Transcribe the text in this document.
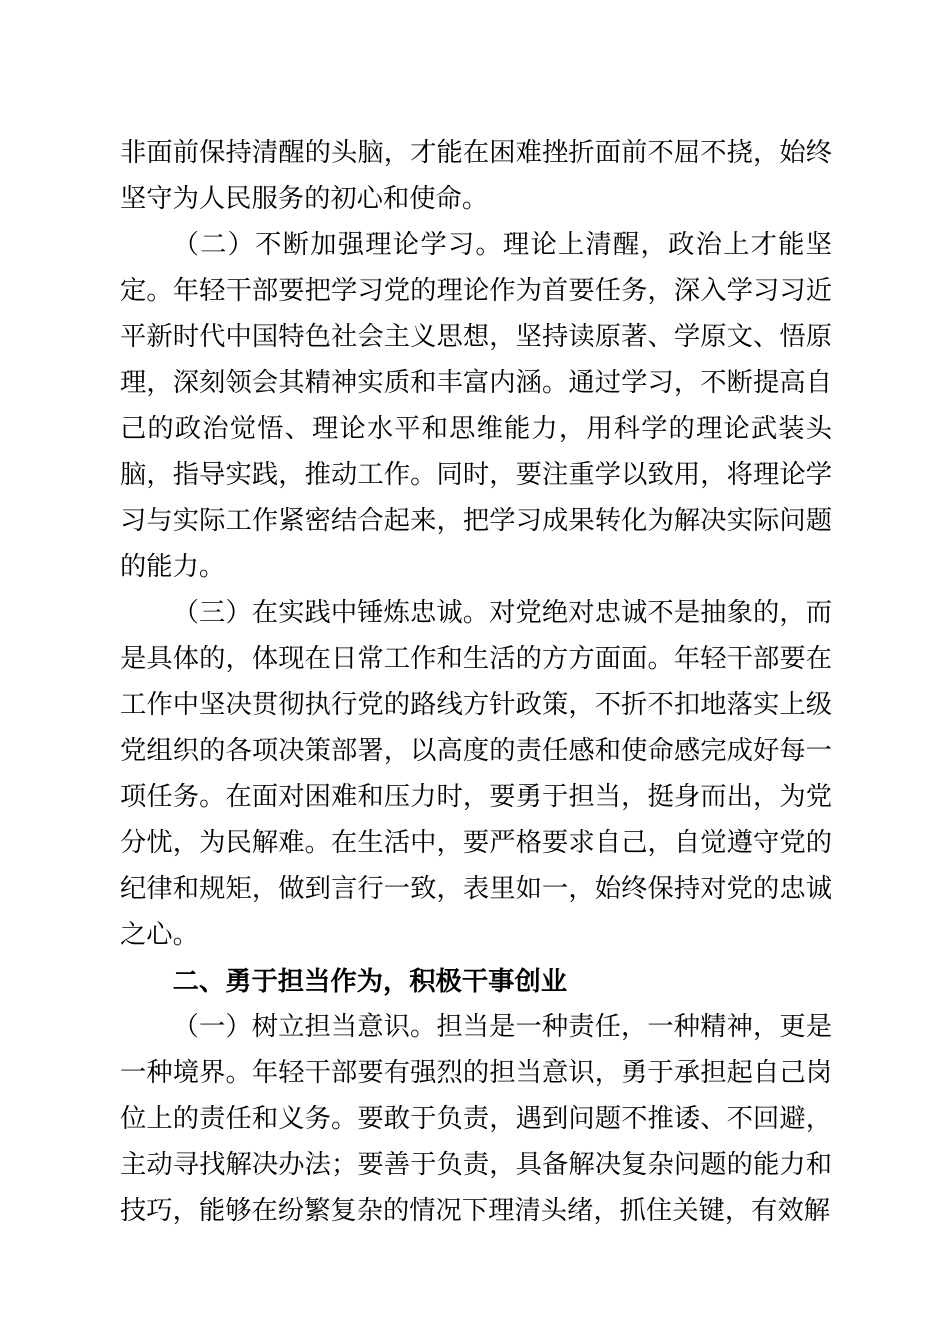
非面前保持清醒的头脑，才能在困难挫折面前不屈不挠，始终坚守为人民服务的初心和使命。

（二）不断加强理论学习。理论上清醒，政治上才能坚定。年轻干部要把学习党的理论作为首要任务，深入学习习近平新时代中国特色社会主义思想，坚持读原著、学原文、悟原理，深刻领会其精神实质和丰富内涵。通过学习，不断提高自己的政治觉悟、理论水平和思维能力，用科学的理论武装头脑，指导实践，推动工作。同时，要注重学以致用，将理论学习与实际工作紧密结合起来，把学习成果转化为解决实际问题的能力。

（三）在实践中锤炼忠诚。对党绝对忠诚不是抽象的，而是具体的，体现在日常工作和生活的方方面面。年轻干部要在工作中坚决贯彻执行党的路线方针政策，不折不扣地落实上级党组织的各项决策部署，以高度的责任感和使命感完成好每一项任务。在面对困难和压力时，要勇于担当，挺身而出，为党分忧，为民解难。在生活中，要严格要求自己，自觉遵守党的纪律和规矩，做到言行一致，表里如一，始终保持对党的忠诚之心。

二、勇于担当作为，积极干事创业

（一）树立担当意识。担当是一种责任，一种精神，更是一种境界。年轻干部要有强烈的担当意识，勇于承担起自己岗位上的责任和义务。要敢于负责，遇到问题不推诿、不回避，主动寻找解决办法；要善于负责，具备解决复杂问题的能力和技巧，能够在纷繁复杂的情况下理清头绪，抓住关键，有效解
